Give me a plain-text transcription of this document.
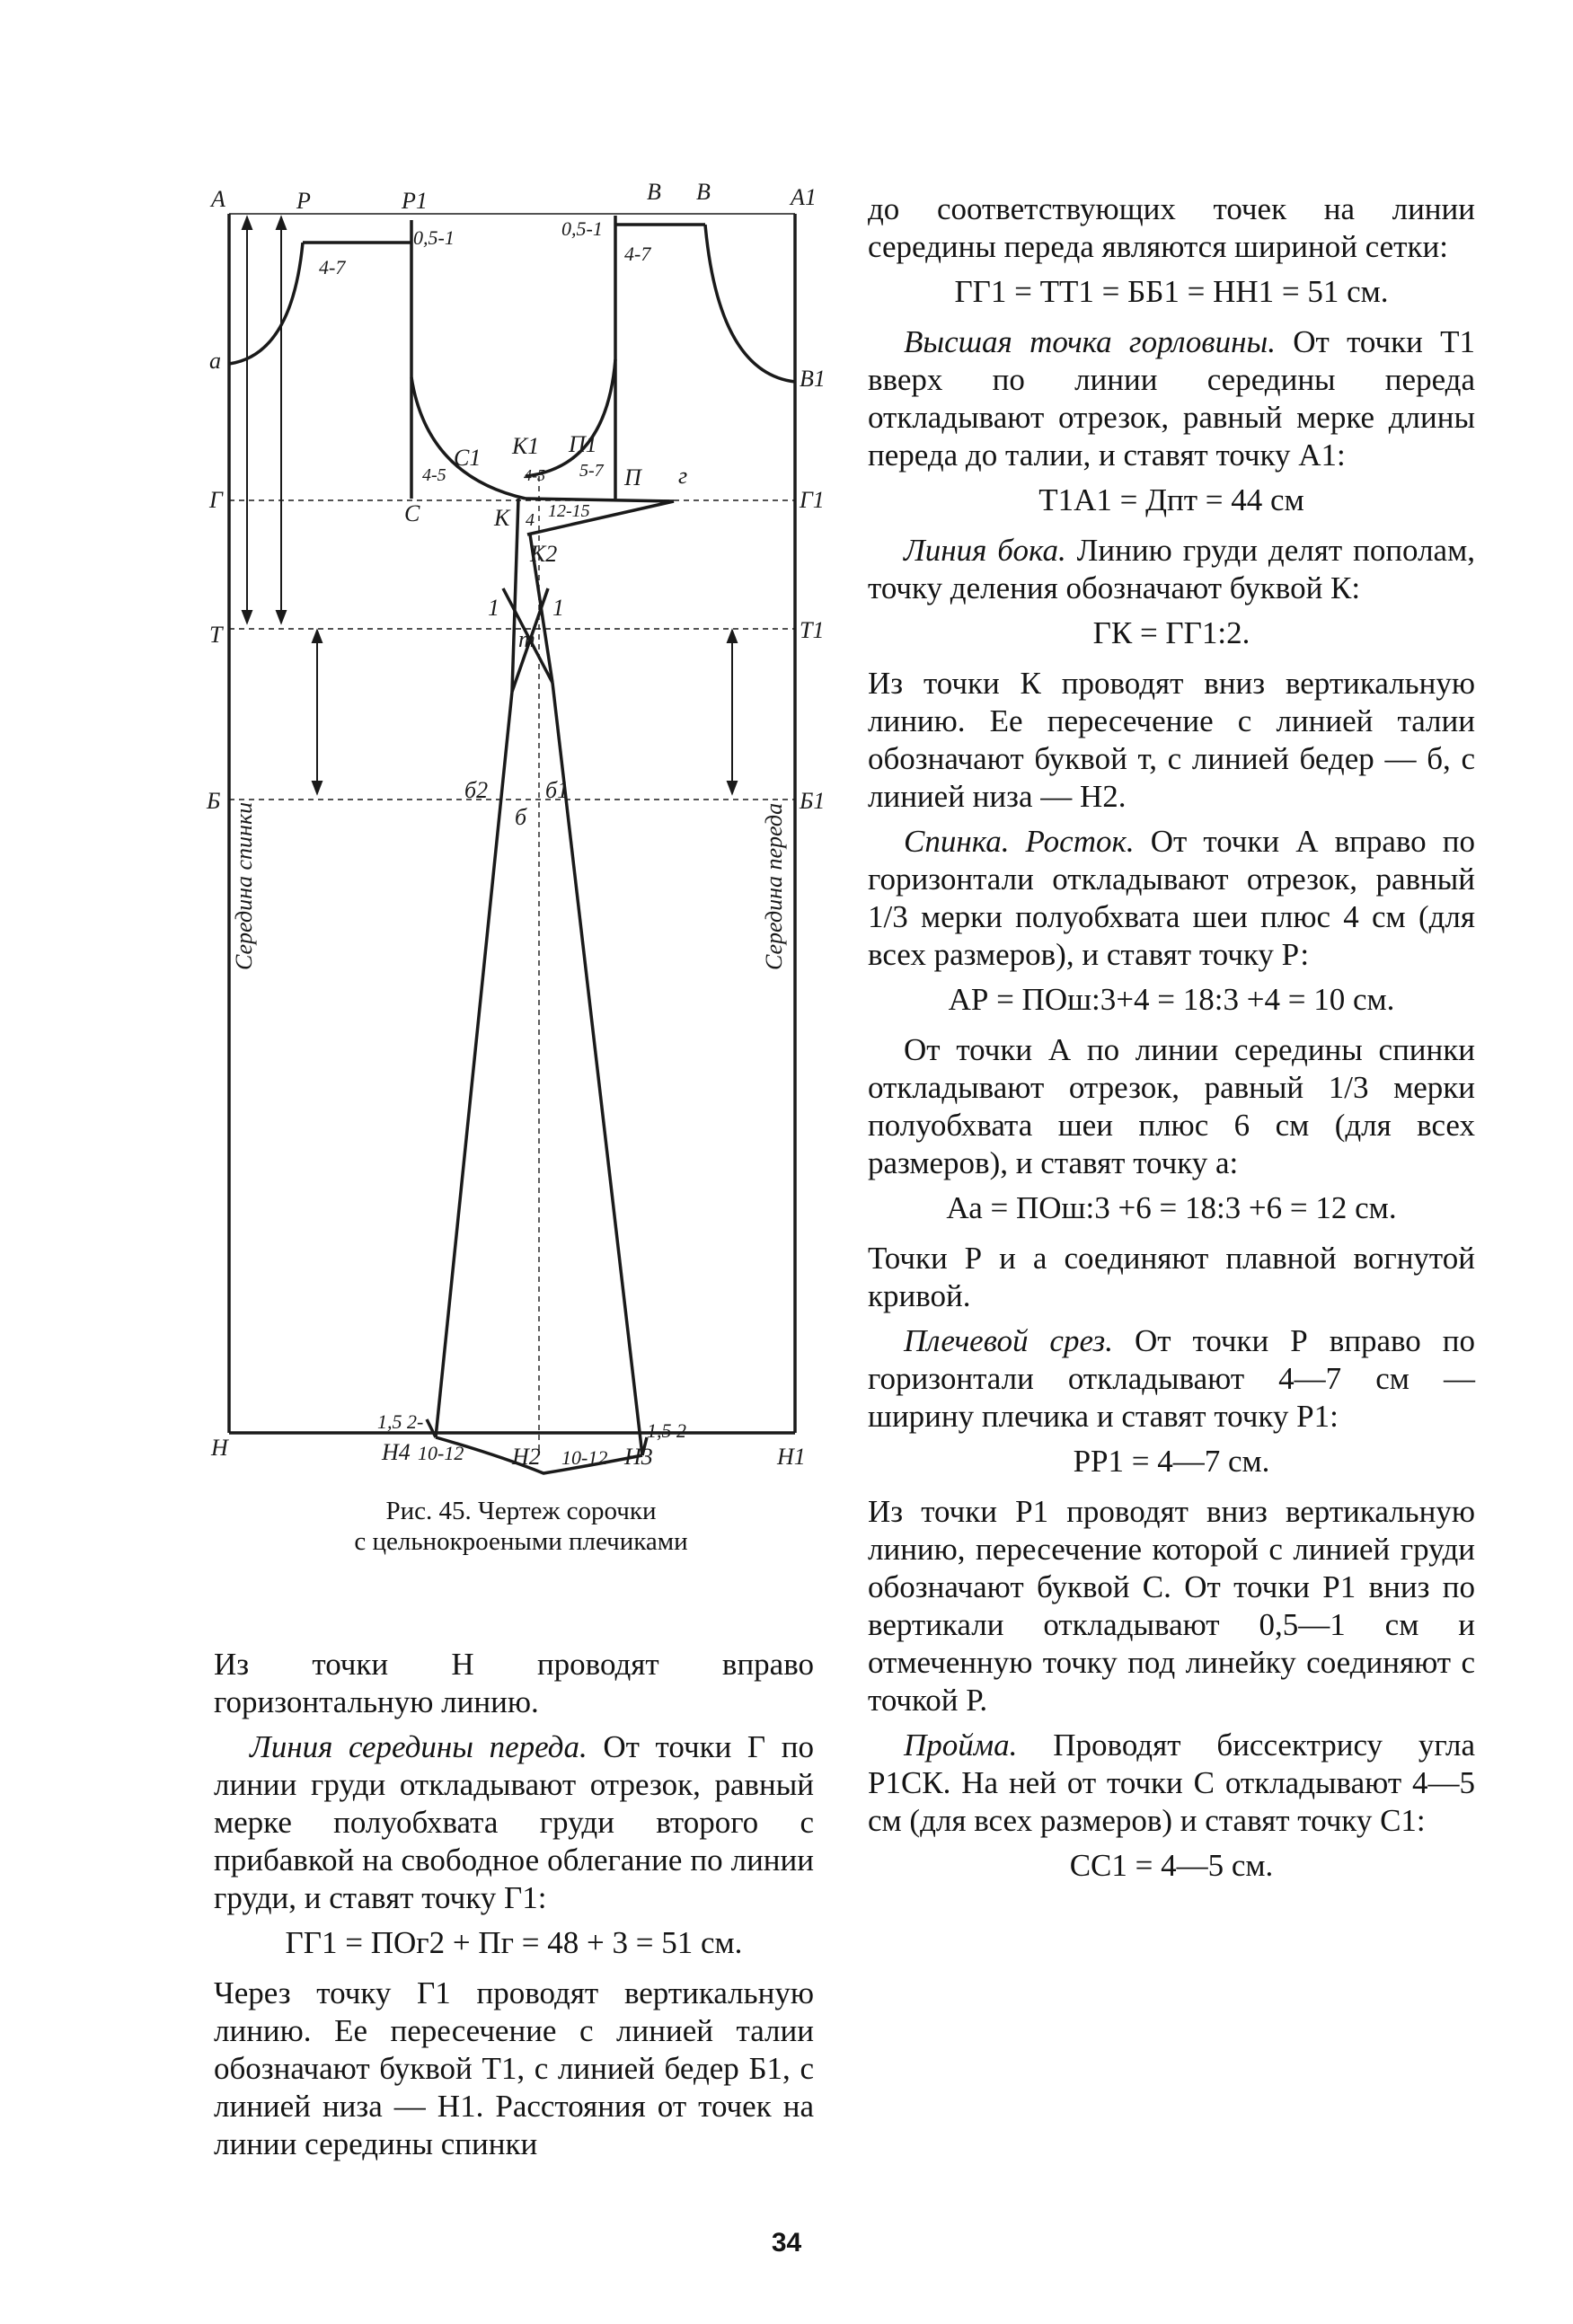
А	Р	Р1
0,5-1
4-7
В В	А1
0,5-1
4-7
а
В1
Г
С
С1
4-5
К1 П1
5-7 П г
Г1
К
4-5
4 12-15
К2
Т	Т1
1 1
т
Б	б2
б
б1	Б1
Н
1,5 2-	1,5 2
Н4 10-12 Н2 10-12 Н3	Н1
Середина спинки	Середина переда
Рис. 45. Чертеж сорочки
с цельнокроеными плечиками

Из точки Н проводят вправо горизонтальную линию.

Линия середины переда. От точки Г по линии груди откладывают отрезок, равный мерке полуобхвата груди второго с прибавкой на свободное облегание по линии груди, и ставят точку Г1:

ГГ1 = ПОг2 + Пг = 48 + 3 = 51 см.

Через точку Г1 проводят вертикальную линию. Ее пересечение с линией талии обозначают буквой Т1, с линией бедер Б1, с линией низа — Н1. Расстояния от точек на линии середины спинки

до соответствующих точек на линии середины переда являются шириной сетки:

ГГ1 = ТТ1 = ББ1 = НН1 = 51 см.

Высшая точка горловины. От точки Т1 вверх по линии середины переда откладывают отрезок, равный мерке длины переда до талии, и ставят точку А1:

Т1А1 = Дпт = 44 см

Линия бока. Линию груди делят пополам, точку деления обозначают буквой К:

ГК = ГГ1:2.

Из точки К проводят вниз вертикальную линию. Ее пересечение с линией талии обозначают буквой т, с линией бедер — б, с линией низа — Н2.

Спинка. Росток. От точки А вправо по горизонтали откладывают отрезок, равный 1/3 мерки полуобхвата шеи плюс 4 см (для всех размеров), и ставят точку Р:

АР = ПОш:3+4 = 18:3 +4 = 10 см.

От точки А по линии середины спинки откладывают отрезок, равный 1/3 мерки полуобхвата шеи плюс 6 см (для всех размеров), и ставят точку а:

Аа = ПОш:3 +6 = 18:3 +6 = 12 см.

Точки Р и а соединяют плавной вогнутой кривой.

Плечевой срез. От точки Р вправо по горизонтали откладывают 4—7 см — ширину плечика и ставят точку Р1:

РР1 = 4—7 см.

Из точки Р1 проводят вниз вертикальную линию, пересечение которой с линией груди обозначают буквой С. От точки Р1 вниз по вертикали откладывают 0,5—1 см и отмеченную точку под линейку соединяют с точкой Р.

Пройма. Проводят биссектрису угла Р1СК. На ней от точки С откладывают 4—5 см (для всех размеров) и ставят точку С1:

СС1 = 4—5 см.

34
